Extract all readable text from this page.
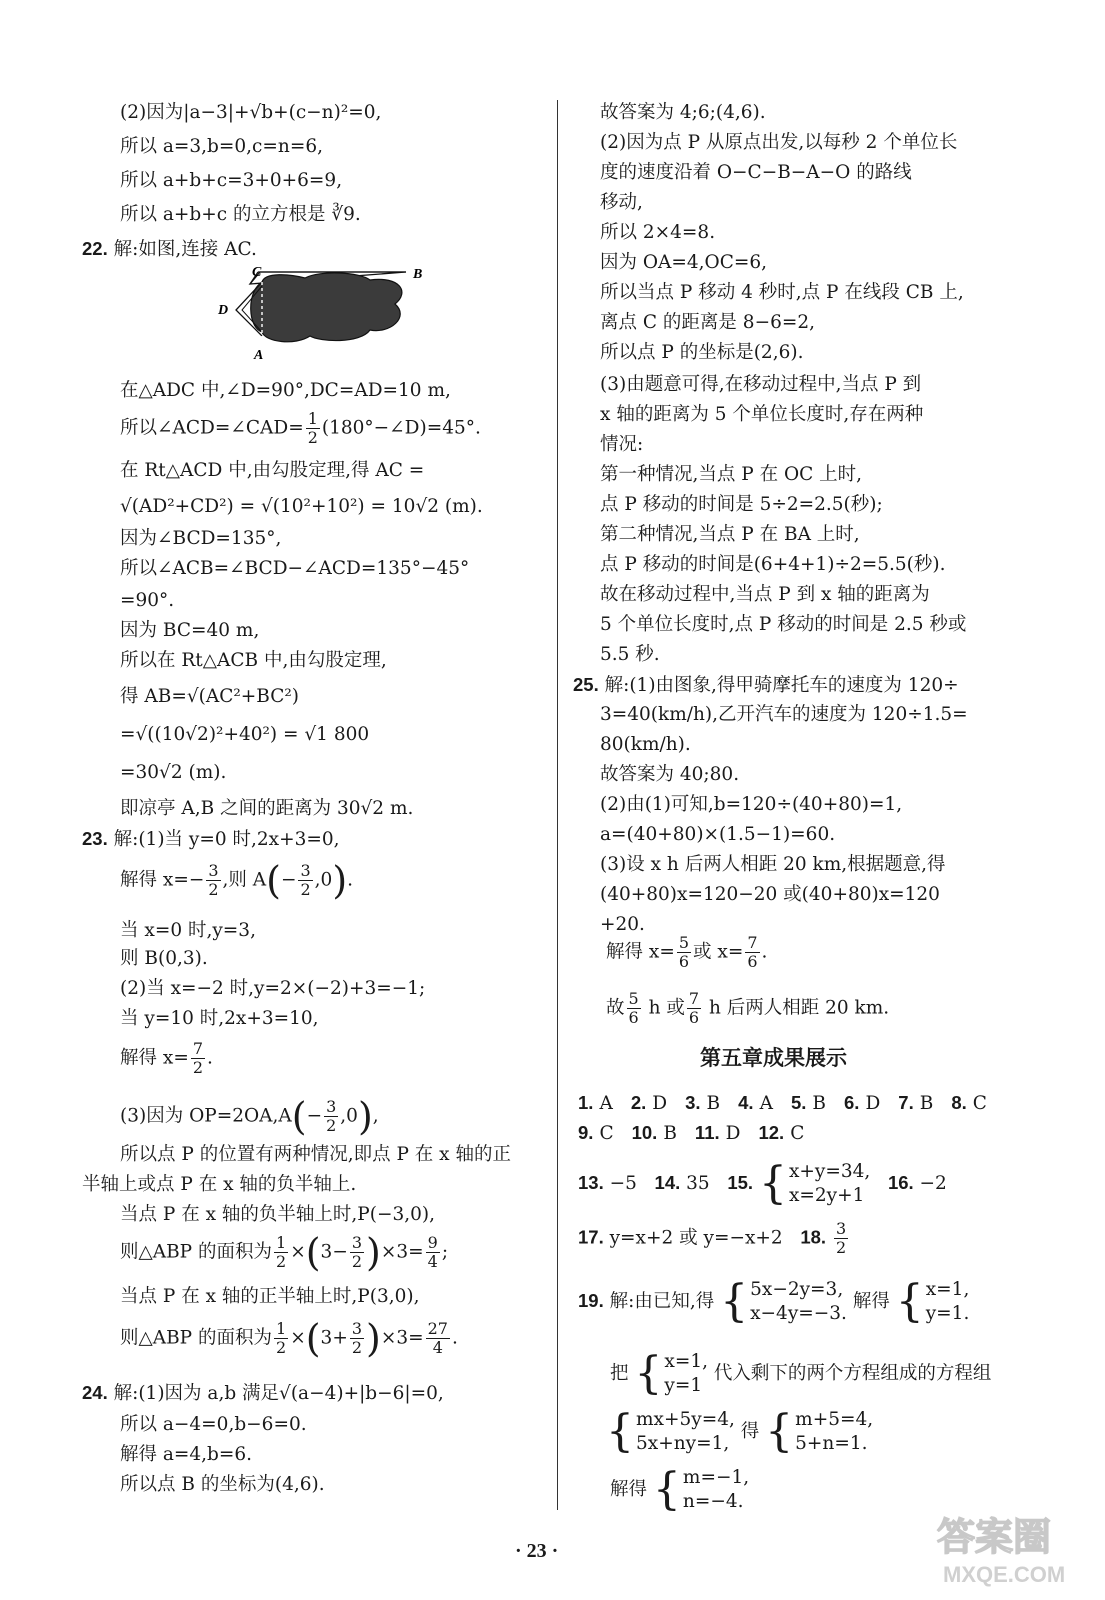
(2)因为|a−3|+√b+(c−n)²=0,
所以 a=3,b=0,c=n=6,
所以 a+b+c=3+0+6=9,
所以 a+b+c 的立方根是 ∛9.
22. 解:如图,连接 AC.
在△ADC 中,∠D=90°,DC=AD=10 m,
在 Rt△ACD 中,由勾股定理,得 AC =
√(AD²+CD²) = √(10²+10²) = 10√2 (m).
因为∠BCD=135°,
所以∠ACB=∠BCD−∠ACD=135°−45°
=90°.
因为 BC=40 m,
所以在 Rt△ACB 中,由勾股定理,
得 AB=√(AC²+BC²)
=√((10√2)²+40²) = √1 800
=30√2 (m).
即凉亭 A,B 之间的距离为 30√2 m.
23. 解:(1)当 y=0 时,2x+3=0,
当 x=0 时,y=3,
则 B(0,3).
(2)当 x=−2 时,y=2×(−2)+3=−1;
当 y=10 时,2x+3=10,
所以点 P 的位置有两种情况,即点 P 在 x 轴的正
半轴上或点 P 在 x 轴的负半轴上.
当点 P 在 x 轴的负半轴上时,P(−3,0),
当点 P 在 x 轴的正半轴上时,P(3,0),
24. 解:(1)因为 a,b 满足√(a−4)+|b−6|=0,
所以 a−4=0,b−6=0.
解得 a=4,b=6.
所以点 B 的坐标为(4,6).
故答案为 4;6;(4,6).
(2)因为点 P 从原点出发,以每秒 2 个单位长
度的速度沿着 O−C−B−A−O 的路线
移动,
所以 2×4=8.
因为 OA=4,OC=6,
所以当点 P 移动 4 秒时,点 P 在线段 CB 上,
离点 C 的距离是 8−6=2,
所以点 P 的坐标是(2,6).
(3)由题意可得,在移动过程中,当点 P 到
x 轴的距离为 5 个单位长度时,存在两种
情况:
第一种情况,当点 P 在 OC 上时,
点 P 移动的时间是 5÷2=2.5(秒);
第二种情况,当点 P 在 BA 上时,
点 P 移动的时间是(6+4+1)÷2=5.5(秒).
故在移动过程中,当点 P 到 x 轴的距离为
5 个单位长度时,点 P 移动的时间是 2.5 秒或
5.5 秒.
25. 解:(1)由图象,得甲骑摩托车的速度为 120÷
3=40(km/h),乙开汽车的速度为 120÷1.5=
80(km/h).
故答案为 40;80.
(2)由(1)可知,b=120÷(40+80)=1,
a=(40+80)×(1.5−1)=60.
(3)设 x h 后两人相距 20 km,根据题意,得
(40+80)x=120−20 或(40+80)x=120
+20.
C	B
D
A
所以∠ACD=∠CAD= $\frac{1}{2}$ (180°−∠D)=45°.
解得 $x=- \frac{3}{2}$ ,则 $A(- \frac{3}{2} ,0)$.
解得 $x= \frac{7}{2}$ .
(3)因为 $OP=2OA,A(- \frac{3}{2} ,0)$,
则△ABP 的面积为 $\frac{1}{2} \times(3- \frac{3}{2} )\times 3= \frac{9}{4}$ ;
则△ABP 的面积为 $\frac{1}{2} \times(3+ \frac{3}{2} )\times 3= \frac{27}{4}$ .
解得 $x= \frac{5}{6}$ 或 $x= \frac{7}{6}$ .
故 $\frac{5}{6}$ h 或 $\frac{7}{6}$ h 后两人相距 20 km.
第五章成果展示
1. A 2. D 3. B 4. A 5. B 6. D 7. B 8. C
9. C 10. B 11. D 12. C
13. −5 14. 35 15. { x+y=34,
x=2y+1
16. −2
17. y=x+2 或 y=−x+2 18. $\frac{3}{2}$
19. 解:由已知,得 { 5x−2y=3,
x−4y=−3.
解得 { x=1,
y=1.
把 { x=1,
y=1
代入剩下的两个方程组成的方程组
{ mx+5y=4,
5x+ny=1,
得 { m+5=4,
5+n=1.
解得 { m=−1,
n=−4.
· 23 ·	答案圈
MXQE.COM
